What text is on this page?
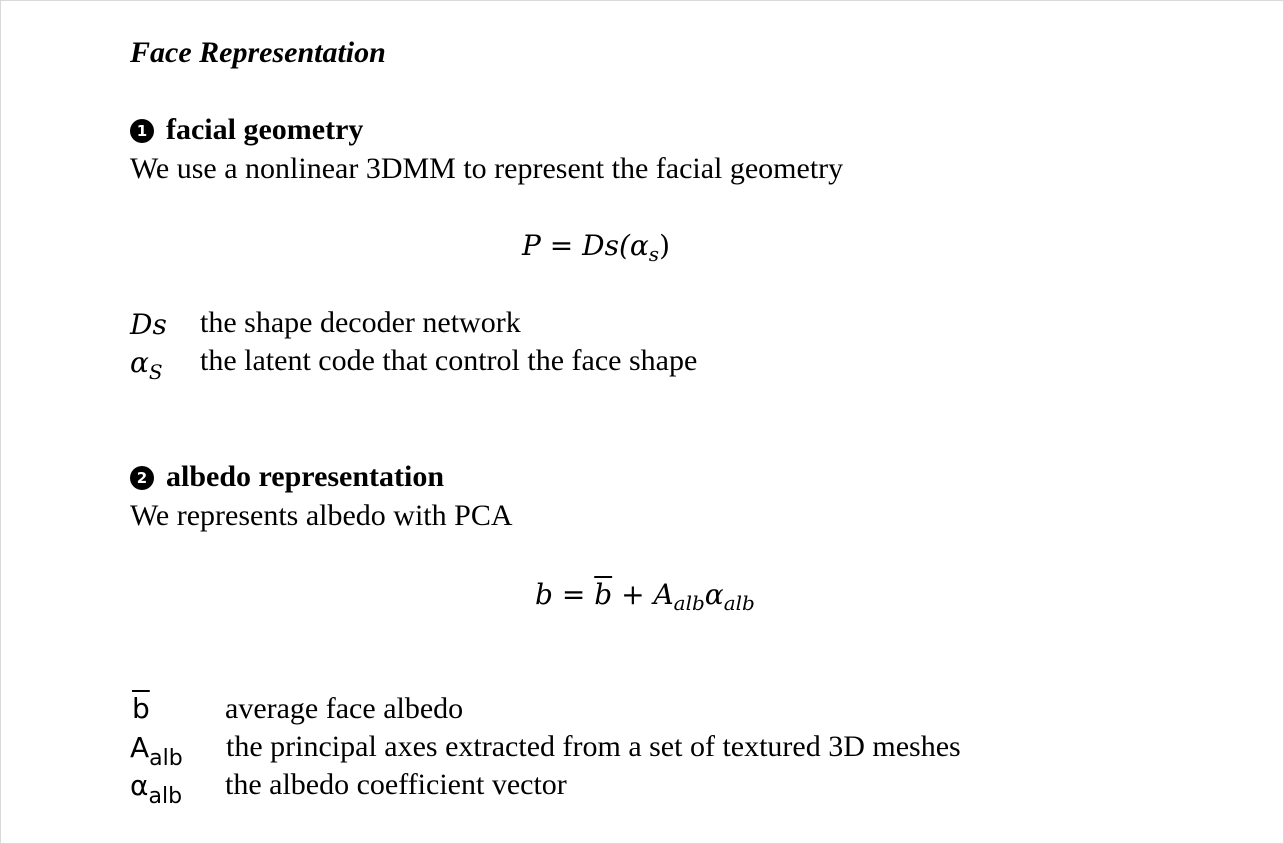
Face Representation
1 facial geometry
We use a nonlinear 3DMM to represent the facial geometry
$P = Ds(\alpha_s)$
Ds the shape decoder network
$\alpha_S$ the latent code that control the face shape
2 albedo representation
We represents albedo with PCA
$b = \overline{b} + A_{alb}\alpha_{alb}$
$\overline{b}$	average face albedo
$A_{alb}$ the principal axes extracted from a set of textured 3D meshes
$\alpha_{alb}$ the albedo coefficient vector
